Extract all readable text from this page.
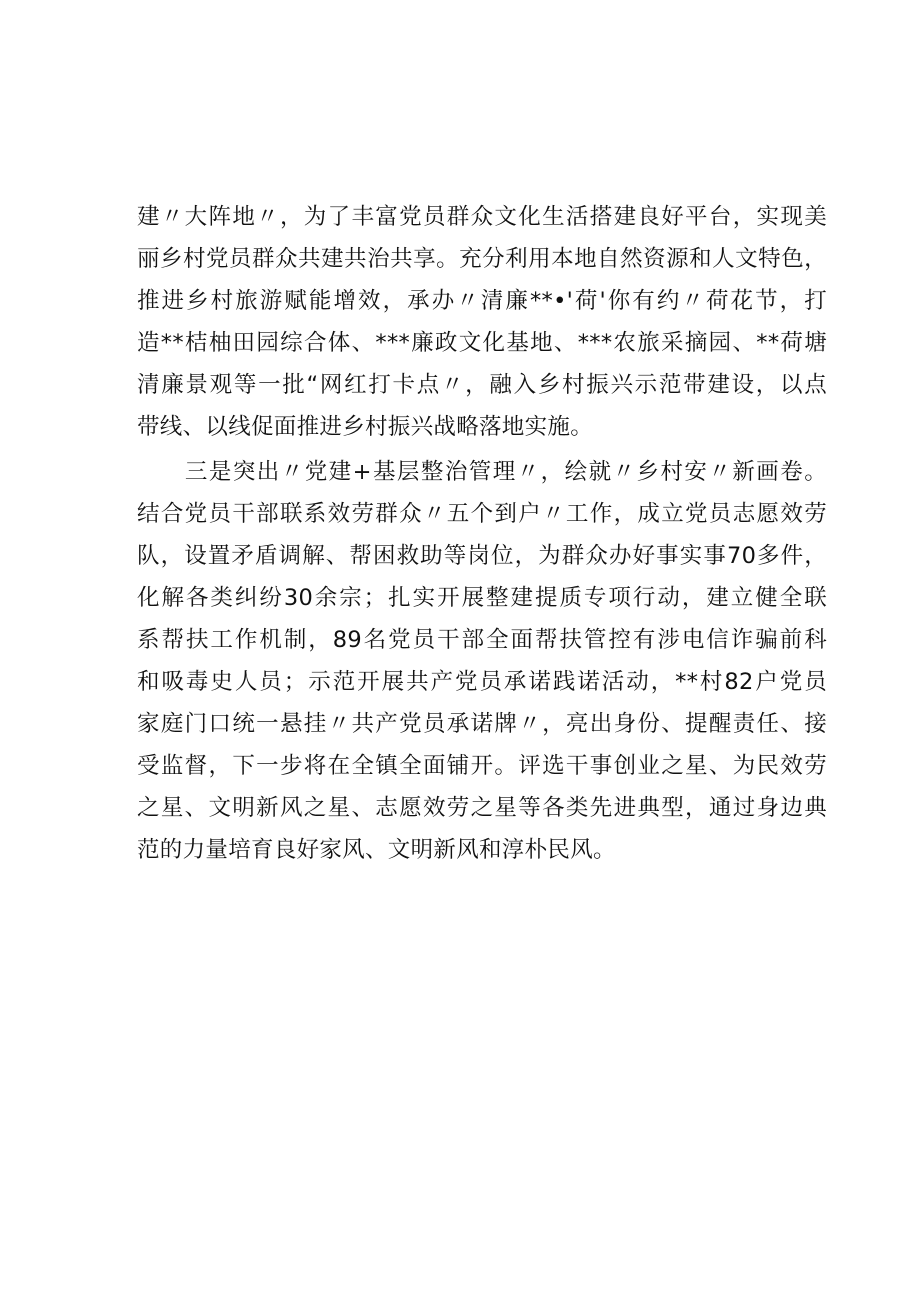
建〃大阵地〃，为了丰富党员群众文化生活搭建良好平台，实现美
丽乡村党员群众共建共治共享。充分利用本地自然资源和人文特色，
推进乡村旅游赋能增效，承办〃清廉**•'荷'你有约〃荷花节，打
造**桔柚田园综合体、***廉政文化基地、***农旅采摘园、**荷塘
清廉景观等一批“网红打卡点〃，融入乡村振兴示范带建设，以点
带线、以线促面推进乡村振兴战略落地实施。

　　三是突出〃党建+基层整治管理〃，绘就〃乡村安〃新画卷。
结合党员干部联系效劳群众〃五个到户〃工作，成立党员志愿效劳
队，设置矛盾调解、帮困救助等岗位，为群众办好事实事70多件，
化解各类纠纷30余宗；扎实开展整建提质专项行动，建立健全联
系帮扶工作机制，89名党员干部全面帮扶管控有涉电信诈骗前科
和吸毒史人员；示范开展共产党员承诺践诺活动，**村82户党员
家庭门口统一悬挂〃共产党员承诺牌〃，亮出身份、提醒责任、接
受监督，下一步将在全镇全面铺开。评选干事创业之星、为民效劳
之星、文明新风之星、志愿效劳之星等各类先进典型，通过身边典
范的力量培育良好家风、文明新风和淳朴民风。
